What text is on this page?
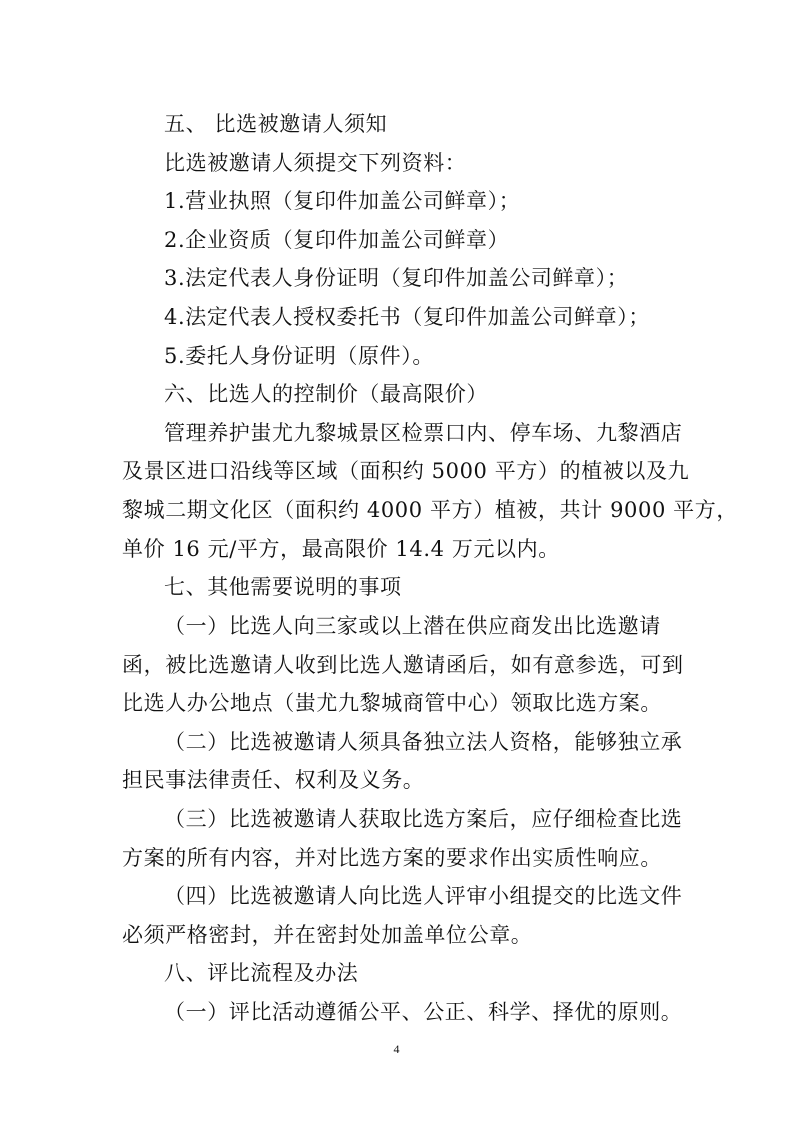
五、 比选被邀请人须知
比选被邀请人须提交下列资料：
1.营业执照（复印件加盖公司鲜章）；
2.企业资质（复印件加盖公司鲜章）
3.法定代表人身份证明（复印件加盖公司鲜章）；
4.法定代表人授权委托书（复印件加盖公司鲜章）；
5.委托人身份证明（原件）。
六、比选人的控制价（最高限价）
管理养护蚩尤九黎城景区检票口内、停车场、九黎酒店
及景区进口沿线等区域（面积约 5000 平方）的植被以及九
黎城二期文化区（面积约 4000 平方）植被，共计 9000 平方，
单价 16 元/平方，最高限价 14.4 万元以内。
七、其他需要说明的事项
（一）比选人向三家或以上潜在供应商发出比选邀请
函，被比选邀请人收到比选人邀请函后，如有意参选，可到
比选人办公地点（蚩尤九黎城商管中心）领取比选方案。
（二）比选被邀请人须具备独立法人资格，能够独立承
担民事法律责任、权利及义务。
（三）比选被邀请人获取比选方案后，应仔细检查比选
方案的所有内容，并对比选方案的要求作出实质性响应。
（四）比选被邀请人向比选人评审小组提交的比选文件
必须严格密封，并在密封处加盖单位公章。
八、评比流程及办法
（一）评比活动遵循公平、公正、科学、择优的原则。
4
